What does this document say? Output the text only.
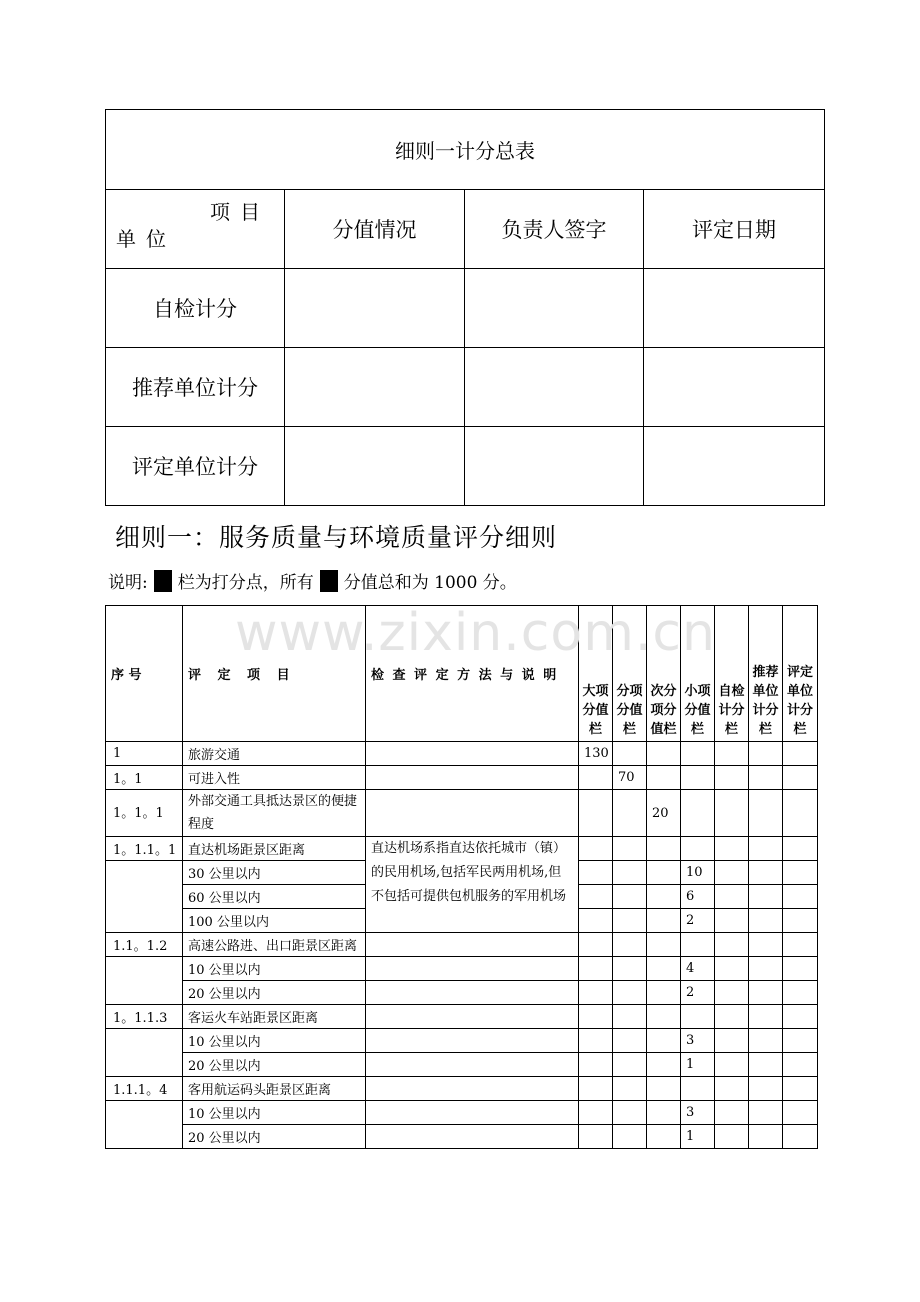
细则一计分总表			

项目
单位	分值情况	负责人签字	评定日期
自检计分			
推荐单位计分			
评定单位计分			
细则一：服务质量与环境质量评分细则
说明: 栏为打分点，所有 分值总和为 1000 分。
序 号	评 定 项 目	检 查 评 定 方 法 与 说 明	大项分值栏	分项分值栏	次分项分值栏	小项分值栏	自检计分栏	推荐单位计分栏	评定单位计分栏
1	旅游交通		130						
1。1	可进入性			70					
1。1。1	外部交通工具抵达景区的便捷程度				20				
1。1.1。1	直达机场距景区距离	直达机场系指直达依托城市（镇）的民用机场,包括军民两用机场,但不包括可提供包机服务的军用机场							
	30 公里以内					10			
	60 公里以内					6			
	100 公里以内					2			
1.1。1.2	高速公路进、出口距景区距离								
	10 公里以内					4			
	20 公里以内					2			
1。1.1.3	客运火车站距景区距离								
	10 公里以内					3			
	20 公里以内					1			
1.1.1。4	客用航运码头距景区距离								
	10 公里以内					3			
	20 公里以内					1			
www.zixin.com.cn
